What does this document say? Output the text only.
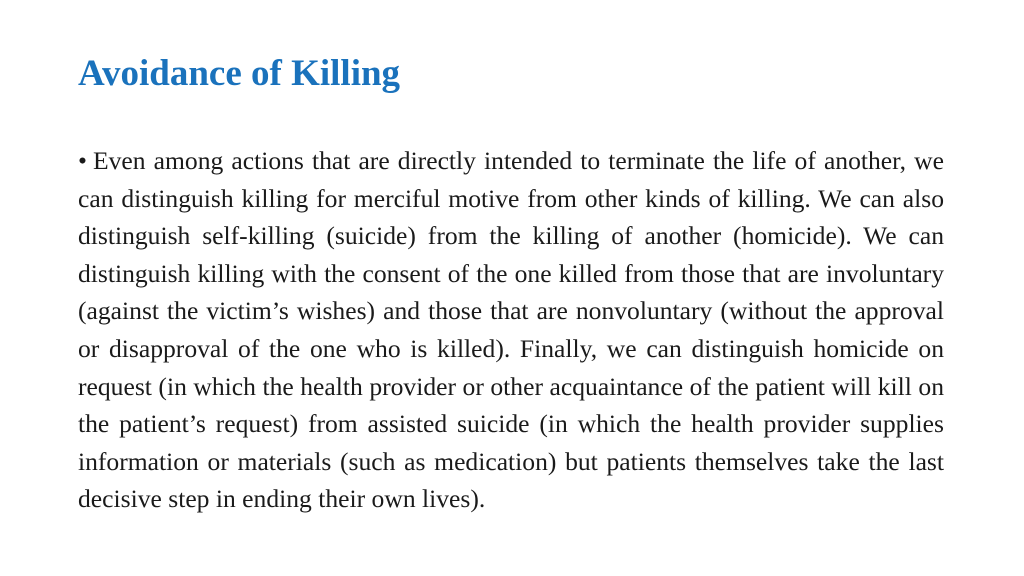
Avoidance of Killing

• Even among actions that are directly intended to terminate the life of another, we can distinguish killing for merciful motive from other kinds of killing. We can also distinguish self-killing (suicide) from the killing of another (homicide). We can distinguish killing with the consent of the one killed from those that are involuntary (against the victim’s wishes) and those that are nonvoluntary (without the approval or disapproval of the one who is killed). Finally, we can distinguish homicide on request (in which the health provider or other acquaintance of the patient will kill on the patient’s request) from assisted suicide (in which the health provider supplies information or materials (such as medication) but patients themselves take the last decisive step in ending their own lives).
